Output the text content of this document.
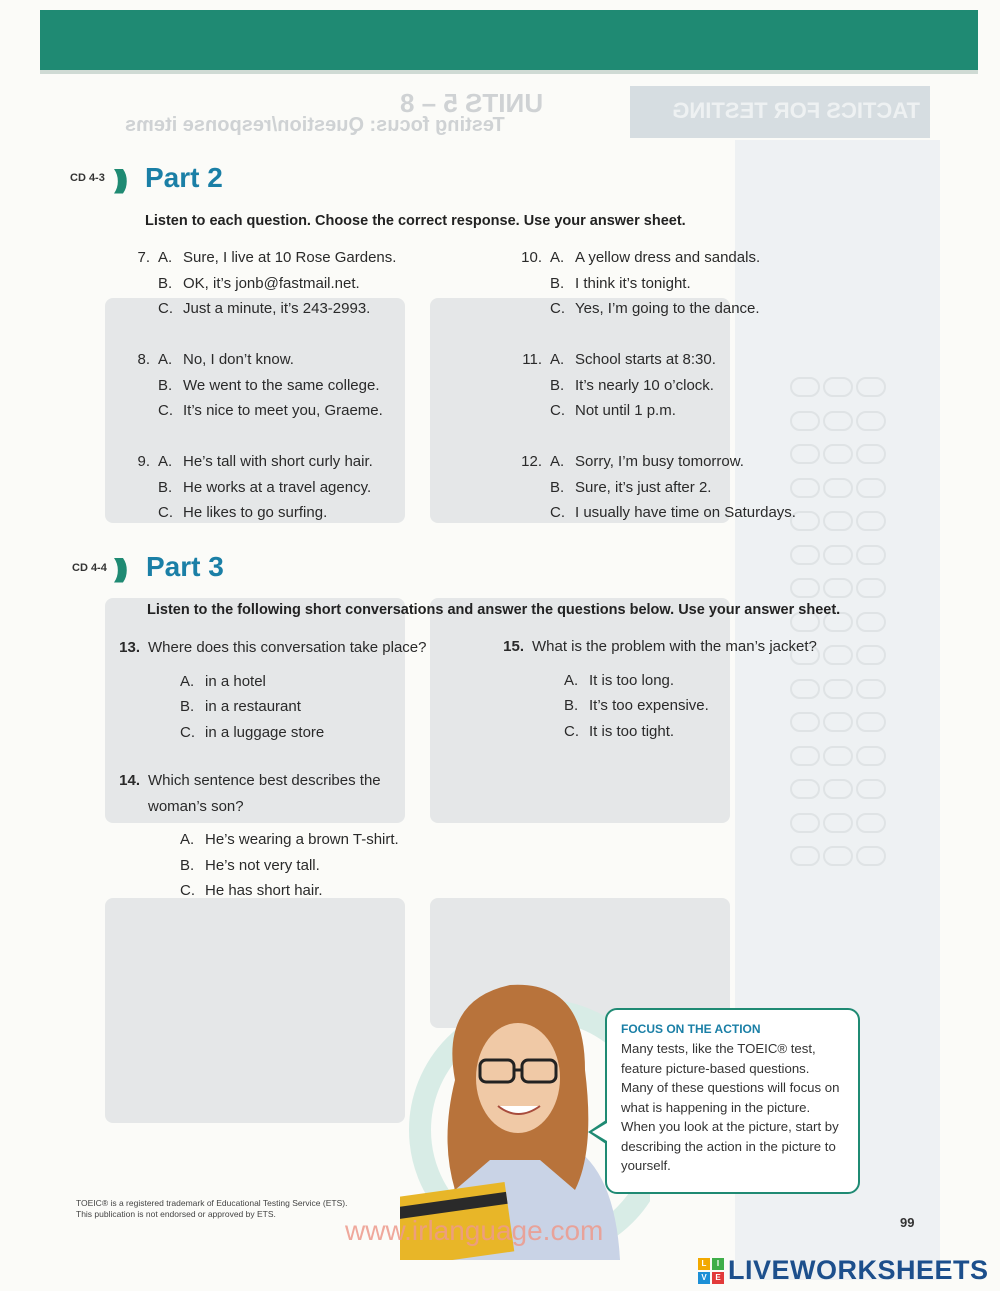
TACTICS FOR TESTING
UNITS 5 – 8
Testing focus: Question/response items
CD 4-3 ))) Part 2
Listen to each question. Choose the correct response. Use your answer sheet.
7. A. Sure, I live at 10 Rose Gardens.
B. OK, it’s jonb@fastmail.net.
C. Just a minute, it’s 243-2993.
8. A. No, I don’t know.
B. We went to the same college.
C. It’s nice to meet you, Graeme.
9. A. He’s tall with short curly hair.
B. He works at a travel agency.
C. He likes to go surfing.
10. A. A yellow dress and sandals.
B. I think it’s tonight.
C. Yes, I’m going to the dance.
11. A. School starts at 8:30.
B. It’s nearly 10 o’clock.
C. Not until 1 p.m.
12. A. Sorry, I’m busy tomorrow.
B. Sure, it’s just after 2.
C. I usually have time on Saturdays.
CD 4-4 ))) Part 3
Listen to the following short conversations and answer the questions below. Use your answer sheet.
13. Where does this conversation take place?
A. in a hotel
B. in a restaurant
C. in a luggage store
14. Which sentence best describes the
woman’s son?
A. He’s wearing a brown T-shirt.
B. He’s not very tall.
C. He has short hair.
15. What is the problem with the man’s jacket?
A. It is too long.
B. It’s too expensive.
C. It is too tight.
FOCUS ON THE ACTION
Many tests, like the TOEIC® test, feature picture-based questions. Many of these questions will focus on what is happening in the picture. When you look at the picture, start by describing the action in the picture to yourself.
TOEIC® is a registered trademark of Educational Testing Service (ETS).
This publication is not endorsed or approved by ETS.
www.irlanguage.com	99
L	I
V	E LIVEWORKSHEETS
